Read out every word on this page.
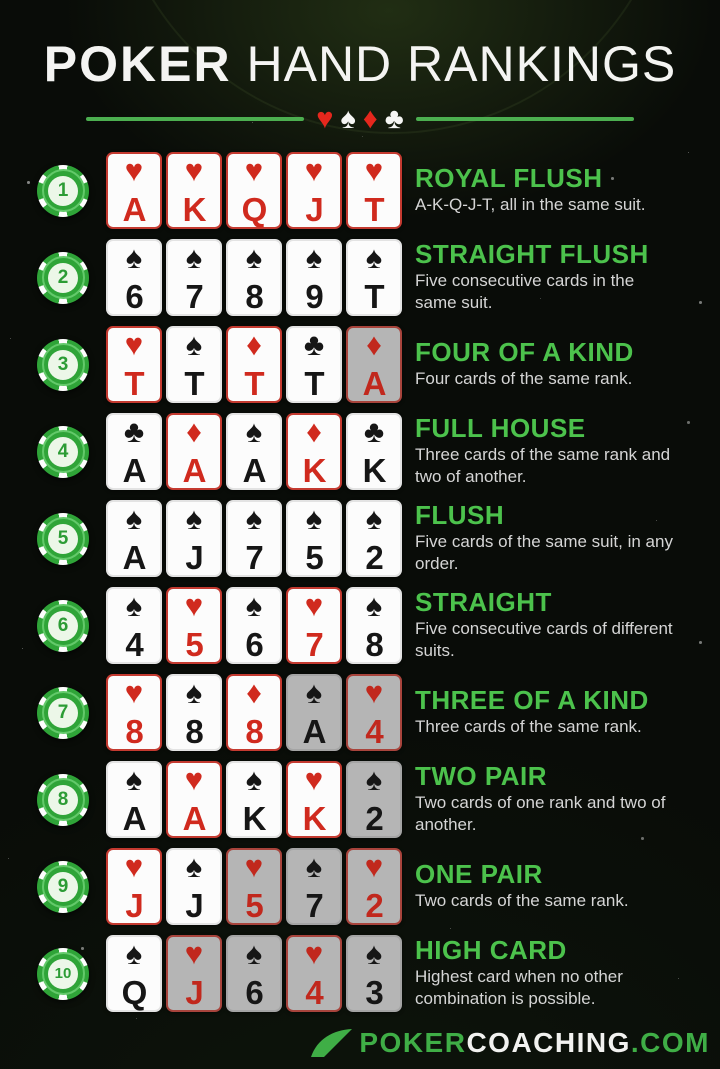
POKER HAND RANKINGS
♥ ♠ ♦ ♣
1
♥
A
♥
K
♥
Q
♥
J
♥
T
ROYAL FLUSH
A-K-Q-J-T, all in the same suit.
2
♠
6
♠
7
♠
8
♠
9
♠
T
STRAIGHT FLUSH
Five consecutive cards in the same suit.
3
♥
T
♠
T
♦
T
♣
T
♦
A
FOUR OF A KIND
Four cards of the same rank.
4
♣
A
♦
A
♠
A
♦
K
♣
K
FULL HOUSE
Three cards of the same rank and two of another.
5
♠
A
♠
J
♠
7
♠
5
♠
2
FLUSH
Five cards of the same suit, in any order.
6
♠
4
♥
5
♠
6
♥
7
♠
8
STRAIGHT
Five consecutive cards of different suits.
7
♥
8
♠
8
♦
8
♠
A
♥
4
THREE OF A KIND
Three cards of the same rank.
8
♠
A
♥
A
♠
K
♥
K
♠
2
TWO PAIR
Two cards of one rank and two of another.
9
♥
J
♠
J
♥
5
♠
7
♥
2
ONE PAIR
Two cards of the same rank.
10
♠
Q
♥
J
♠
6
♥
4
♠
3
HIGH CARD
Highest card when no other combination is possible.
POKERCOACHING.COM
